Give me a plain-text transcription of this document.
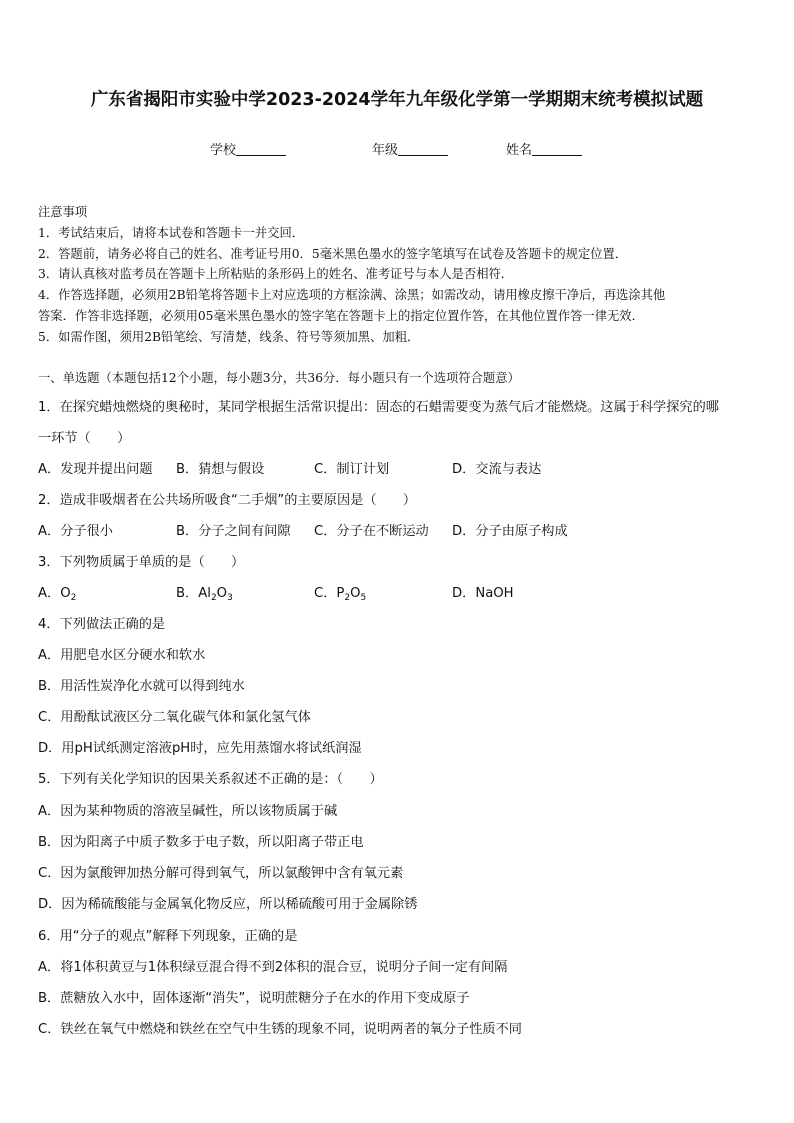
广东省揭阳市实验中学2023-2024学年九年级化学第一学期期末统考模拟试题
学校	年级	姓名
注意事项
1．考试结束后，请将本试卷和答题卡一并交回．
2．答题前，请务必将自己的姓名、准考证号用0．5毫米黑色墨水的签字笔填写在试卷及答题卡的规定位置．
3．请认真核对监考员在答题卡上所粘贴的条形码上的姓名、准考证号与本人是否相符．
4．作答选择题，必须用2B铅笔将答题卡上对应选项的方框涂满、涂黑；如需改动，请用橡皮擦干净后，再选涂其他
答案．作答非选择题，必须用05毫米黑色墨水的签字笔在答题卡上的指定位置作答，在其他位置作答一律无效．
5．如需作图，须用2B铅笔绘、写清楚，线条、符号等须加黑、加粗．
一、单选题（本题包括12个小题，每小题3分，共36分．每小题只有一个选项符合题意）
1．在探究蜡烛燃烧的奥秘时，某同学根据生活常识提出：固态的石蜡需要变为蒸气后才能燃烧。这属于科学探究的哪
一环节（　　）
A．发现并提出问题 B．猜想与假设	C．制订计划	D．交流与表达
2．造成非吸烟者在公共场所吸食“二手烟”的主要原因是（　　）
A．分子很小	B．分子之间有间隙 C．分子在不断运动 D．分子由原子构成
3．下列物质属于单质的是（　　）
A．$O_2$	B．$Al_2O_3$	C．$P_2O_5$	D．NaOH
4．下列做法正确的是
A．用肥皂水区分硬水和软水
B．用活性炭净化水就可以得到纯水
C．用酚酞试液区分二氧化碳气体和氯化氢气体
D．用pH试纸测定溶液pH时，应先用蒸馏水将试纸润湿
5．下列有关化学知识的因果关系叙述不正确的是：（　　）
A．因为某种物质的溶液呈碱性，所以该物质属于碱
B．因为阳离子中质子数多于电子数，所以阳离子带正电
C．因为氯酸钾加热分解可得到氧气，所以氯酸钾中含有氧元素
D．因为稀硫酸能与金属氧化物反应，所以稀硫酸可用于金属除锈
6．用“分子的观点”解释下列现象，正确的是
A．将1体积黄豆与1体积绿豆混合得不到2体积的混合豆，说明分子间一定有间隔
B．蔗糖放入水中，固体逐渐“消失”，说明蔗糖分子在水的作用下变成原子
C．铁丝在氧气中燃烧和铁丝在空气中生锈的现象不同，说明两者的氧分子性质不同
